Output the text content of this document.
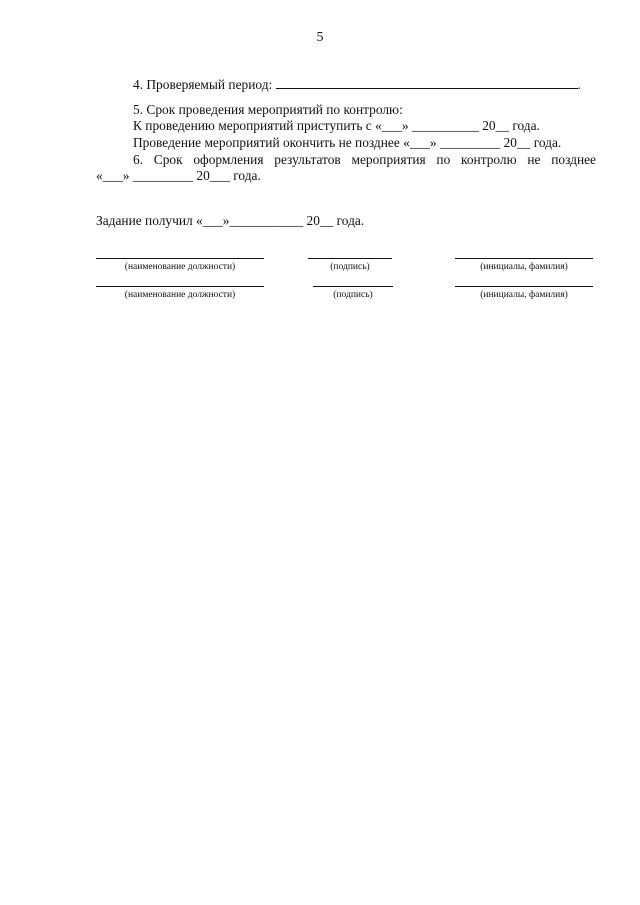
5
4. Проверяемый период:	.
5. Срок проведения мероприятий по контролю:
К проведению мероприятий приступить с «___» __________ 20__ года.
Проведение мероприятий окончить не позднее «___» _________ 20__ года.
6. Срок оформления результатов мероприятия по контролю не позднее
«___» _________ 20___ года.
Задание получил «___»___________ 20__ года.
(наименование должности)	(подпись)	(инициалы, фамилия)
(наименование должности)	(подпись)	(инициалы, фамилия)
